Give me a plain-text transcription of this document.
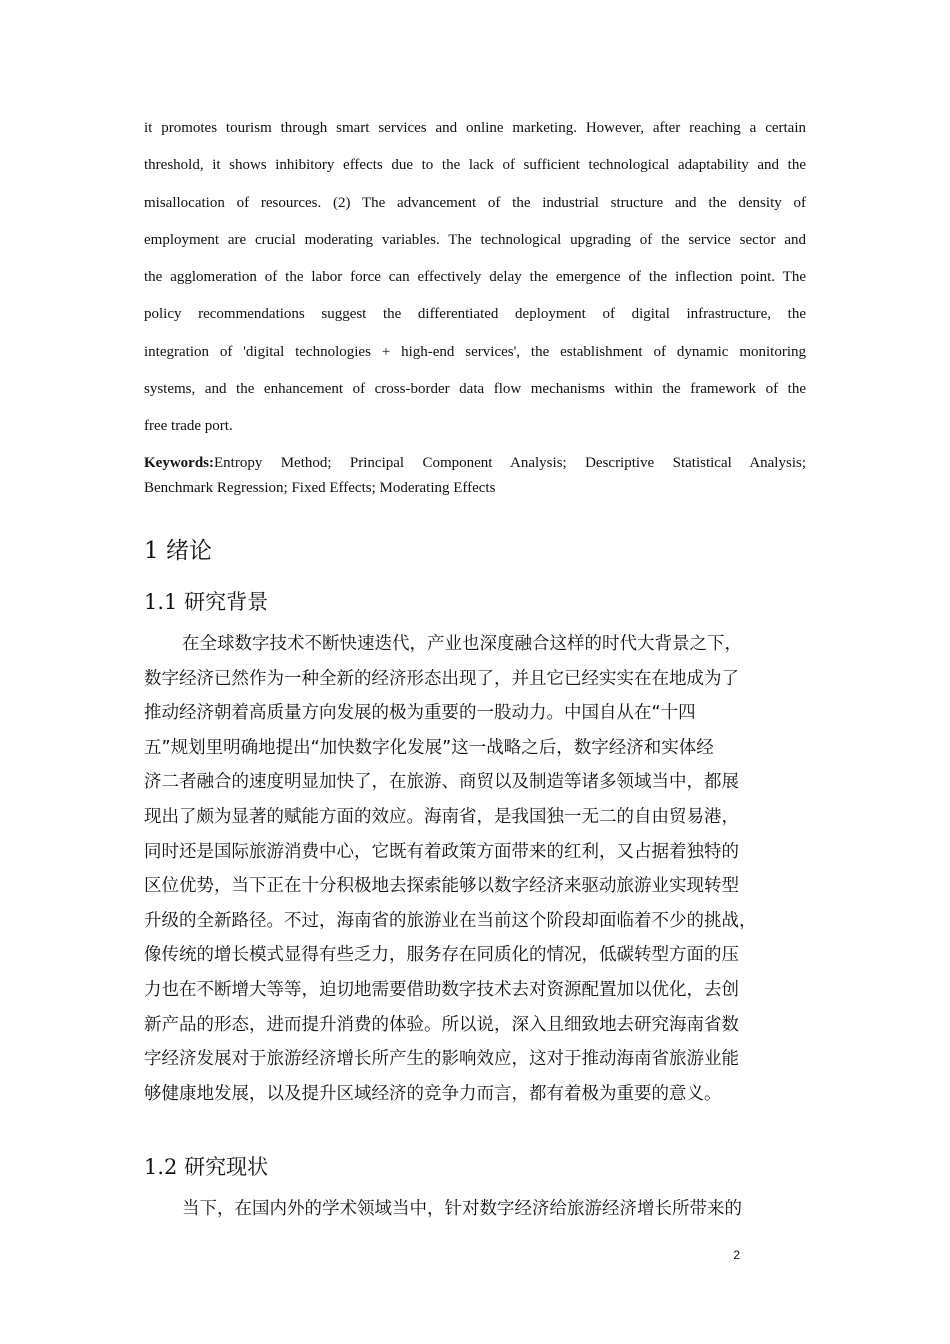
it promotes tourism through smart services and online marketing. However, after reaching a certain
threshold, it shows inhibitory effects due to the lack of sufficient technological adaptability and the
misallocation of resources. (2) The advancement of the industrial structure and the density of
employment are crucial moderating variables. The technological upgrading of the service sector and
the agglomeration of the labor force can effectively delay the emergence of the inflection point. The
policy recommendations suggest the differentiated deployment of digital infrastructure, the
integration of 'digital technologies + high-end services', the establishment of dynamic monitoring
systems, and the enhancement of cross-border data flow mechanisms within the framework of the
free trade port.
Keywords:Entropy Method; Principal Component Analysis; Descriptive Statistical Analysis;
Benchmark Regression; Fixed Effects; Moderating Effects
1 绪论
1.1 研究背景
在全球数字技术不断快速迭代，产业也深度融合这样的时代大背景之下，
数字经济已然作为一种全新的经济形态出现了，并且它已经实实在在地成为了
推动经济朝着高质量方向发展的极为重要的一股动力。中国自从在“十四
五”规划里明确地提出“加快数字化发展”这一战略之后，数字经济和实体经
济二者融合的速度明显加快了，在旅游、商贸以及制造等诸多领域当中，都展
现出了颇为显著的赋能方面的效应。海南省，是我国独一无二的自由贸易港，
同时还是国际旅游消费中心，它既有着政策方面带来的红利，又占据着独特的
区位优势，当下正在十分积极地去探索能够以数字经济来驱动旅游业实现转型
升级的全新路径。不过，海南省的旅游业在当前这个阶段却面临着不少的挑战，
像传统的增长模式显得有些乏力，服务存在同质化的情况，低碳转型方面的压
力也在不断增大等等，迫切地需要借助数字技术去对资源配置加以优化，去创
新产品的形态，进而提升消费的体验。所以说，深入且细致地去研究海南省数
字经济发展对于旅游经济增长所产生的影响效应，这对于推动海南省旅游业能
够健康地发展，以及提升区域经济的竞争力而言，都有着极为重要的意义。
1.2 研究现状
当下，在国内外的学术领域当中，针对数字经济给旅游经济增长所带来的
2
